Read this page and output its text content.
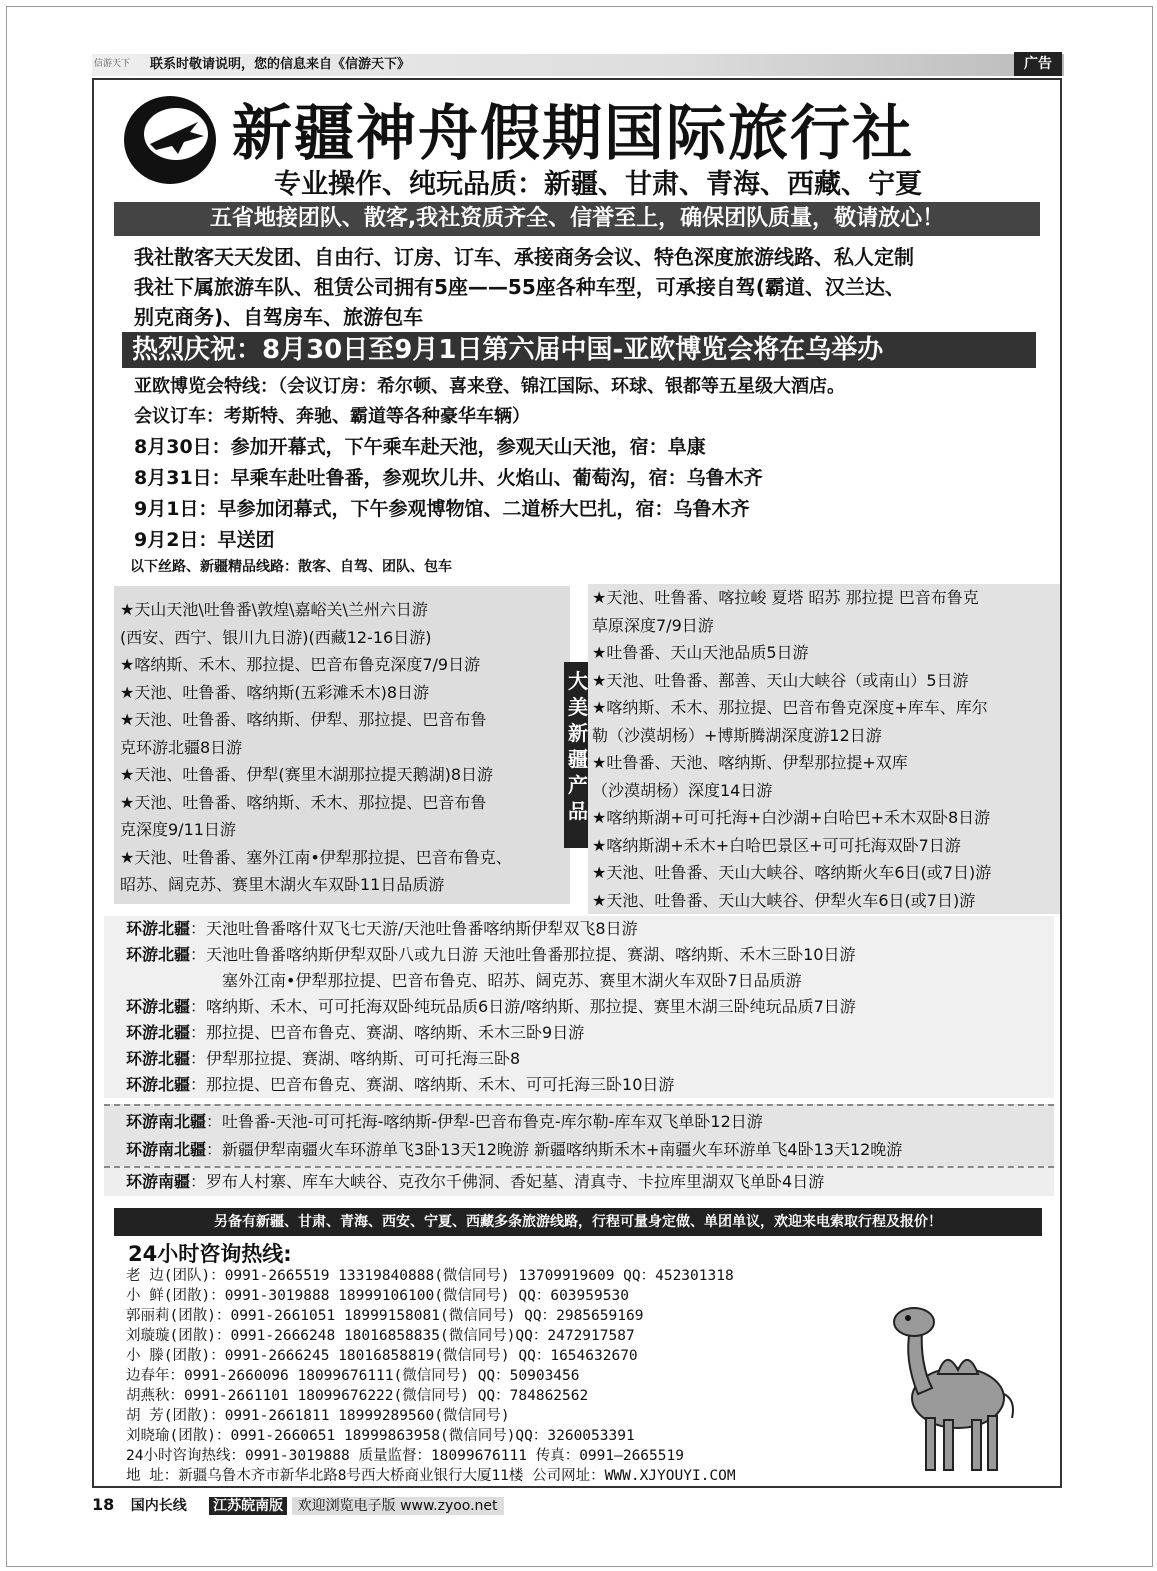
信游天下	联系时敬请说明，您的信息来自《信游天下》	广告
新疆神舟假期国际旅行社
专业操作、纯玩品质：新疆、甘肃、青海、西藏、宁夏
五省地接团队、散客,我社资质齐全、信誉至上，确保团队质量，敬请放心！
我社散客天天发团、自由行、订房、订车、承接商务会议、特色深度旅游线路、私人定制
我社下属旅游车队、租赁公司拥有5座——55座各种车型，可承接自驾(霸道、汉兰达、
别克商务)、自驾房车、旅游包车
热烈庆祝：8月30日至9月1日第六届中国-亚欧博览会将在乌举办
亚欧博览会特线：（会议订房：希尔顿、喜来登、锦江国际、环球、银都等五星级大酒店。
会议订车：考斯特、奔驰、霸道等各种豪华车辆）
8月30日：参加开幕式，下午乘车赴天池，参观天山天池，宿：阜康
8月31日：早乘车赴吐鲁番，参观坎儿井、火焰山、葡萄沟，宿：乌鲁木齐
9月1日：早参加闭幕式，下午参观博物馆、二道桥大巴扎，宿：乌鲁木齐
9月2日：早送团
以下丝路、新疆精品线路：散客、自驾、团队、包车
★天山天池\吐鲁番\敦煌\嘉峪关\兰州六日游
(西安、西宁、银川九日游)(西藏12-16日游)
★喀纳斯、禾木、那拉提、巴音布鲁克深度7/9日游
★天池、吐鲁番、喀纳斯(五彩滩禾木)8日游
★天池、吐鲁番、喀纳斯、伊犁、那拉提、巴音布鲁
克环游北疆8日游
★天池、吐鲁番、伊犁(赛里木湖那拉提天鹅湖)8日游
★天池、吐鲁番、喀纳斯、禾木、那拉提、巴音布鲁
克深度9/11日游
★天池、吐鲁番、塞外江南•伊犁那拉提、巴音布鲁克、
昭苏、阔克苏、赛里木湖火车双卧11日品质游
大
美
新
疆
产
品
★天池、吐鲁番、喀拉峻 夏塔 昭苏 那拉提 巴音布鲁克
草原深度7/9日游
★吐鲁番、天山天池品质5日游
★天池、吐鲁番、鄯善、天山大峡谷（或南山）5日游
★喀纳斯、禾木、那拉提、巴音布鲁克深度+库车、库尔
勒（沙漠胡杨）+博斯腾湖深度游12日游
★吐鲁番、天池、喀纳斯、伊犁那拉提+双库
（沙漠胡杨）深度14日游
★喀纳斯湖+可可托海+白沙湖+白哈巴+禾木双卧8日游
★喀纳斯湖+禾木+白哈巴景区+可可托海双卧7日游
★天池、吐鲁番、天山大峡谷、喀纳斯火车6日(或7日)游
★天池、吐鲁番、天山大峡谷、伊犁火车6日(或7日)游
环游北疆：天池吐鲁番喀什双飞七天游/天池吐鲁番喀纳斯伊犁双飞8日游
环游北疆：天池吐鲁番喀纳斯伊犁双卧八或九日游 天池吐鲁番那拉提、赛湖、喀纳斯、禾木三卧10日游
塞外江南•伊犁那拉提、巴音布鲁克、昭苏、阔克苏、赛里木湖火车双卧7日品质游
环游北疆：喀纳斯、禾木、可可托海双卧纯玩品质6日游/喀纳斯、那拉提、赛里木湖三卧纯玩品质7日游
环游北疆：那拉提、巴音布鲁克、赛湖、喀纳斯、禾木三卧9日游
环游北疆：伊犁那拉提、赛湖、喀纳斯、可可托海三卧8
环游北疆：那拉提、巴音布鲁克、赛湖、喀纳斯、禾木、可可托海三卧10日游
环游南北疆：吐鲁番-天池-可可托海-喀纳斯-伊犁-巴音布鲁克-库尔勒-库车双飞单卧12日游
环游南北疆：新疆伊犁南疆火车环游单飞3卧13天12晚游 新疆喀纳斯禾木+南疆火车环游单飞4卧13天12晚游
环游南疆：罗布人村寨、库车大峡谷、克孜尔千佛洞、香妃墓、清真寺、卡拉库里湖双飞单卧4日游
另备有新疆、甘肃、青海、西安、宁夏、西藏多条旅游线路，行程可量身定做、单团单议，欢迎来电索取行程及报价！
24小时咨询热线:
老 边(团队)：0991-2665519 13319840888(微信同号) 13709919609 QQ：452301318
小 鲜(团散)：0991-3019888 18999106100(微信同号) QQ：603959530
郭丽莉(团散)：0991-2661051 18999158081(微信同号) QQ：2985659169
刘璇璇(团散)：0991-2666248 18016858835(微信同号)QQ：2472917587
小 滕(团散)：0991-2666245 18016858819(微信同号) QQ：1654632670
边春年：0991-2660096 18099676111(微信同号) QQ：50903456
胡燕秋：0991-2661101 18099676222(微信同号) QQ：784862562
胡 芳(团散)：0991-2661811 18999289560(微信同号)
刘晓瑜(团散)：0991-2660651 18999863958(微信同号)QQ：3260053391
24小时咨询热线：0991-3019888 质量监督：18099676111 传真：0991—2665519
地 址：新疆乌鲁木齐市新华北路8号西大桥商业银行大厦11楼 公司网址：WWW.XJYOUYI.COM
18 国内长线 江苏皖南版 欢迎浏览电子版 www.zyoo.net
